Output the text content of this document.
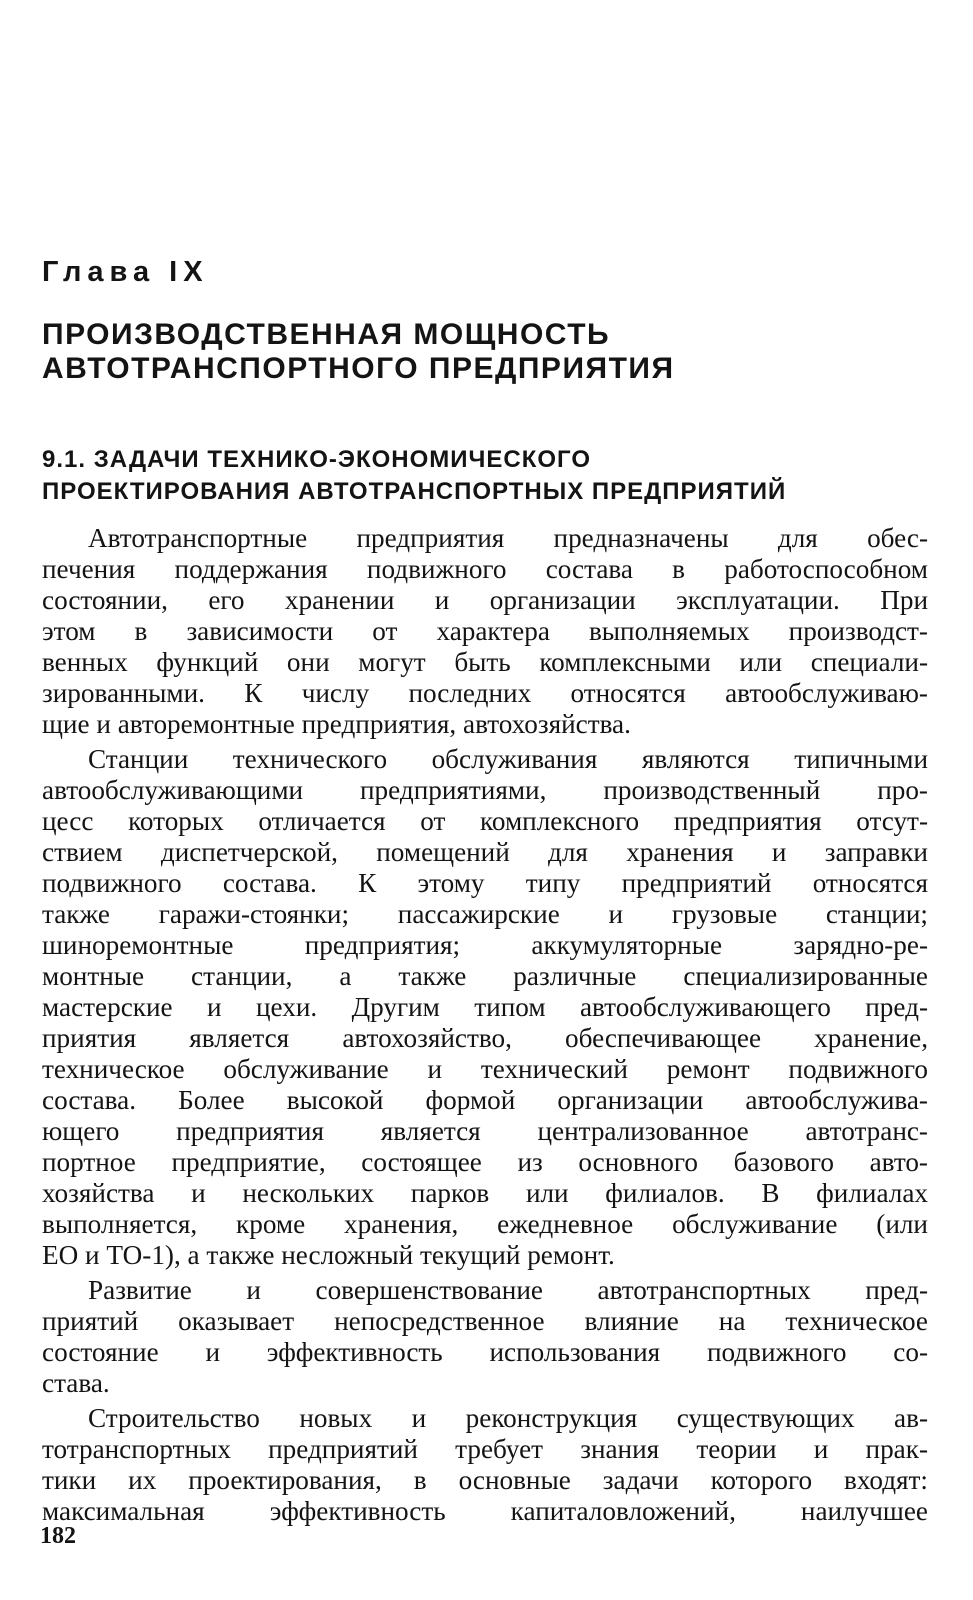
Глава IX
ПРОИЗВОДСТВЕННАЯ МОЩНОСТЬ
АВТОТРАНСПОРТНОГО ПРЕДПРИЯТИЯ
9.1. ЗАДАЧИ ТЕХНИКО-ЭКОНОМИЧЕСКОГО
ПРОЕКТИРОВАНИЯ АВТОТРАНСПОРТНЫХ ПРЕДПРИЯТИЙ

Автотранспортные предприятия предназначены для обес-
печения поддержания подвижного состава в работоспособном
состоянии, его хранении и организации эксплуатации. При
этом в зависимости от характера выполняемых производст-
венных функций они могут быть комплексными или специали-
зированными. К числу последних относятся автообслуживаю-
щие и авторемонтные предприятия, автохозяйства.

Станции технического обслуживания являются типичными
автообслуживающими предприятиями, производственный про-
цесс которых отличается от комплексного предприятия отсут-
ствием диспетчерской, помещений для хранения и заправки
подвижного состава. К этому типу предприятий относятся
также гаражи-стоянки; пассажирские и грузовые станции;
шиноремонтные предприятия; аккумуляторные зарядно-ре-
монтные станции, а также различные специализированные
мастерские и цехи. Другим типом автообслуживающего пред-
приятия является автохозяйство, обеспечивающее хранение,
техническое обслуживание и технический ремонт подвижного
состава. Более высокой формой организации автообслужива-
ющего предприятия является централизованное автотранс-
портное предприятие, состоящее из основного базового авто-
хозяйства и нескольких парков или филиалов. В филиалах
выполняется, кроме хранения, ежедневное обслуживание (или
ЕО и ТО-1), а также несложный текущий ремонт.

Развитие и совершенствование автотранспортных пред-
приятий оказывает непосредственное влияние на техническое
состояние и эффективность использования подвижного со-
става.

Строительство новых и реконструкция существующих ав-
тотранспортных предприятий требует знания теории и прак-
тики их проектирования, в основные задачи которого входят:
максимальная эффективность капиталовложений, наилучшее

182
